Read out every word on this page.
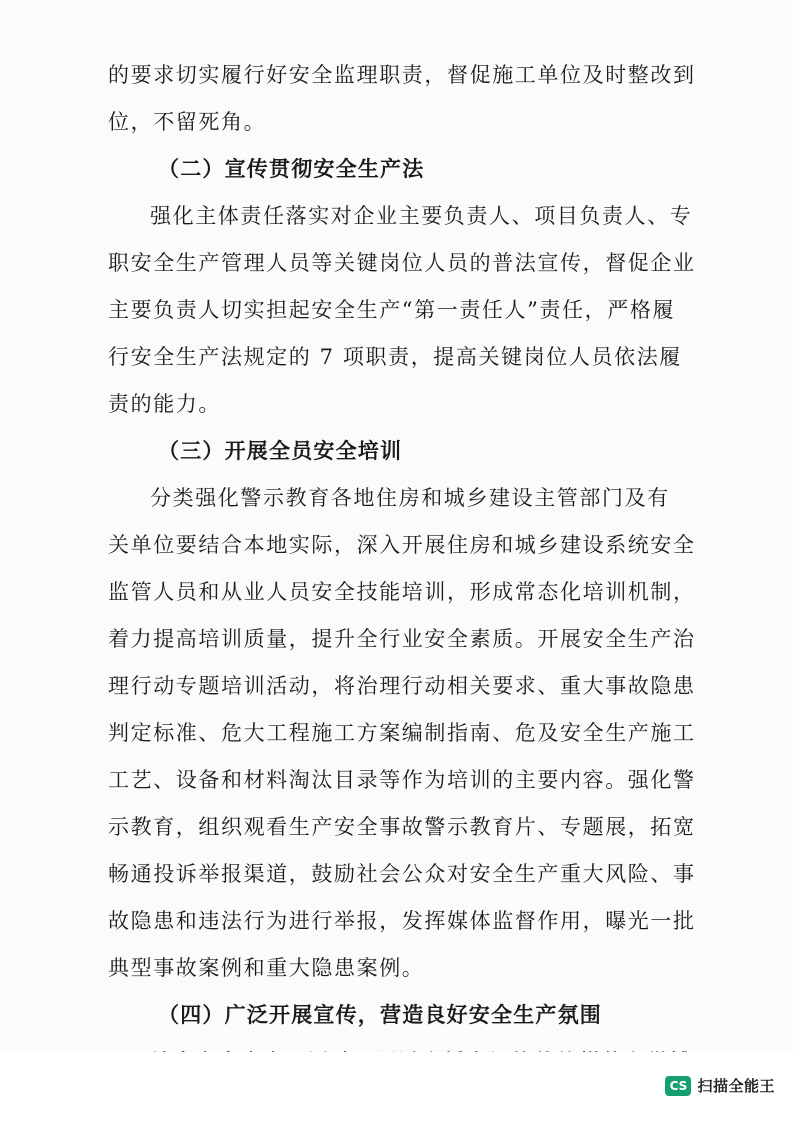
的要求切实履行好安全监理职责，督促施工单位及时整改到
位，不留死角。
（二）宣传贯彻安全生产法
强化主体责任落实对企业主要负责人、项目负责人、专
职安全生产管理人员等关键岗位人员的普法宣传，督促企业
主要负责人切实担起安全生产“第一责任人”责任，严格履
行安全生产法规定的 7 项职责，提高关键岗位人员依法履
责的能力。
（三）开展全员安全培训
分类强化警示教育各地住房和城乡建设主管部门及有
关单位要结合本地实际，深入开展住房和城乡建设系统安全
监管人员和从业人员安全技能培训，形成常态化培训机制，
着力提高培训质量，提升全行业安全素质。开展安全生产治
理行动专题培训活动，将治理行动相关要求、重大事故隐患
判定标准、危大工程施工方案编制指南、危及安全生产施工
工艺、设备和材料淘汰目录等作为培训的主要内容。强化警
示教育，组织观看生产安全事故警示教育片、专题展，拓宽
畅通投诉举报渠道，鼓励社会公众对安全生产重大风险、事
故隐患和违法行为进行举报，发挥媒体监督作用，曝光一批
典型事故案例和重大隐患案例。
（四）广泛开展宣传，营造良好安全生产氛围
CS 扫描全能王
